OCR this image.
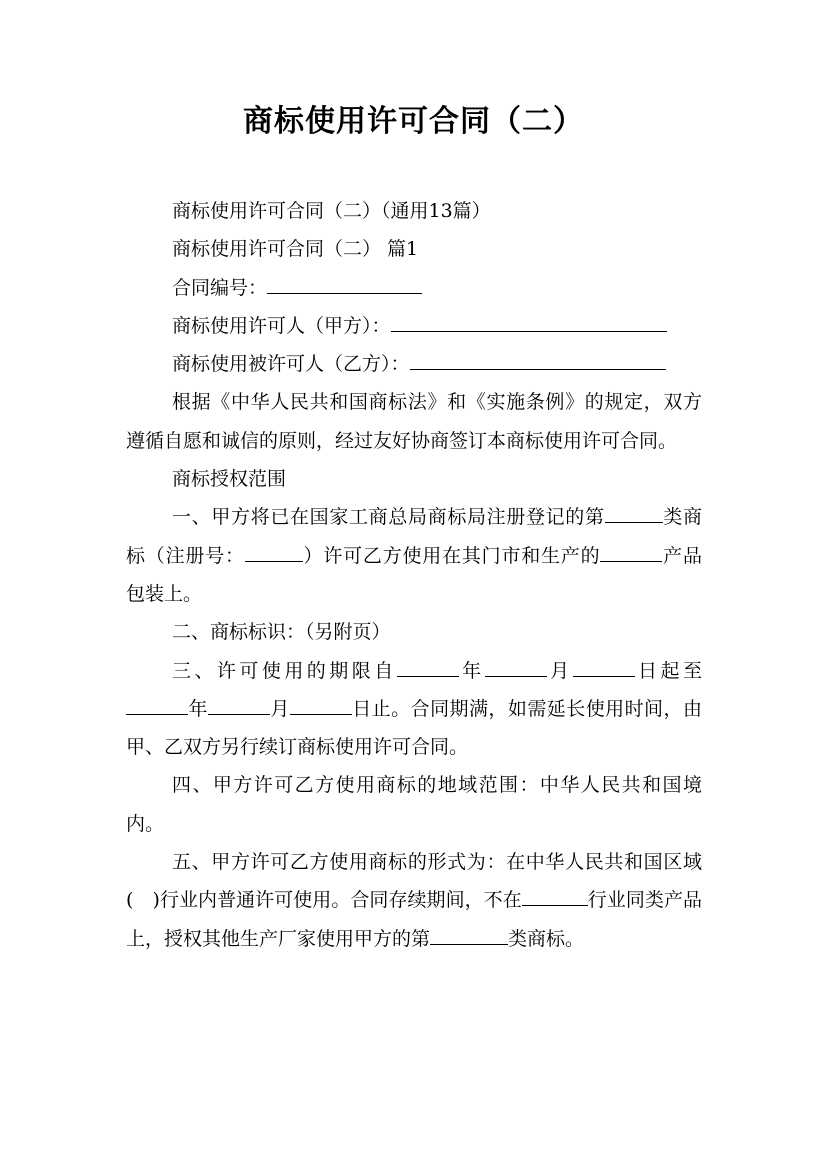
商标使用许可合同（二）

商标使用许可合同（二）（通用13篇）

商标使用许可合同（二） 篇1

合同编号：

商标使用许可人（甲方）：

商标使用被许可人（乙方）：

根据《中华人民共和国商标法》和《实施条例》的规定，双方遵循自愿和诚信的原则，经过友好协商签订本商标使用许可合同。

商标授权范围

一、甲方将已在国家工商总局商标局注册登记的第	类商标（注册号：	）许可乙方使用在其门市和生产的	产品包装上。

二、商标标识：（另附页）

三、许可使用的期限自	年	月	日起至年	月	日止。合同期满，如需延长使用时间，由甲、乙双方另行续订商标使用许可合同。

四、甲方许可乙方使用商标的地域范围：中华人民共和国境内。

五、甲方许可乙方使用商标的形式为：在中华人民共和国区域(　)行业内普通许可使用。合同存续期间，不在	行业同类产品上，授权其他生产厂家使用甲方的第	类商标。
